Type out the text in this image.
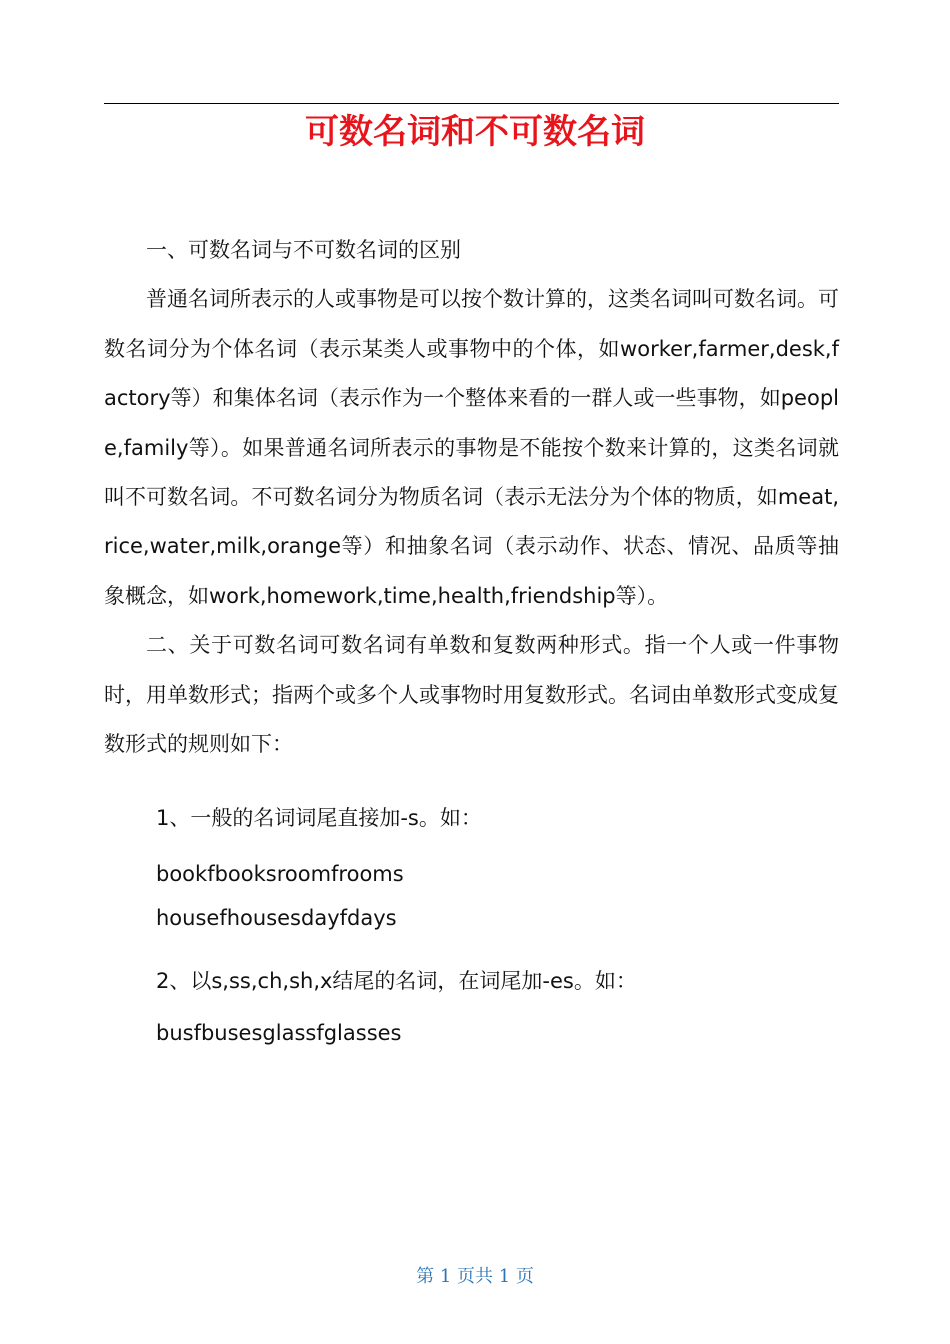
可数名词和不可数名词

一、可数名词与不可数名词的区别

普通名词所表示的人或事物是可以按个数计算的，这类名词叫可数名词。可数名词分为个体名词（表示某类人或事物中的个体，如worker,farmer,desk,factory等）和集体名词（表示作为一个整体来看的一群人或一些事物，如people,family等）。如果普通名词所表示的事物是不能按个数来计算的，这类名词就叫不可数名词。不可数名词分为物质名词（表示无法分为个体的物质，如meat,rice,water,milk,orange等）和抽象名词（表示动作、状态、情况、品质等抽象概念，如work,homework,time,health,friendship等）。

二、关于可数名词可数名词有单数和复数两种形式。指一个人或一件事物时，用单数形式；指两个或多个人或事物时用复数形式。名词由单数形式变成复数形式的规则如下：

1、一般的名词词尾直接加-s。如：

bookfbooksroomfrooms

housefhousesdayfdays

2、以s,ss,ch,sh,x结尾的名词，在词尾加-es。如：

busfbusesglassfglasses

第 1 页共 1 页
